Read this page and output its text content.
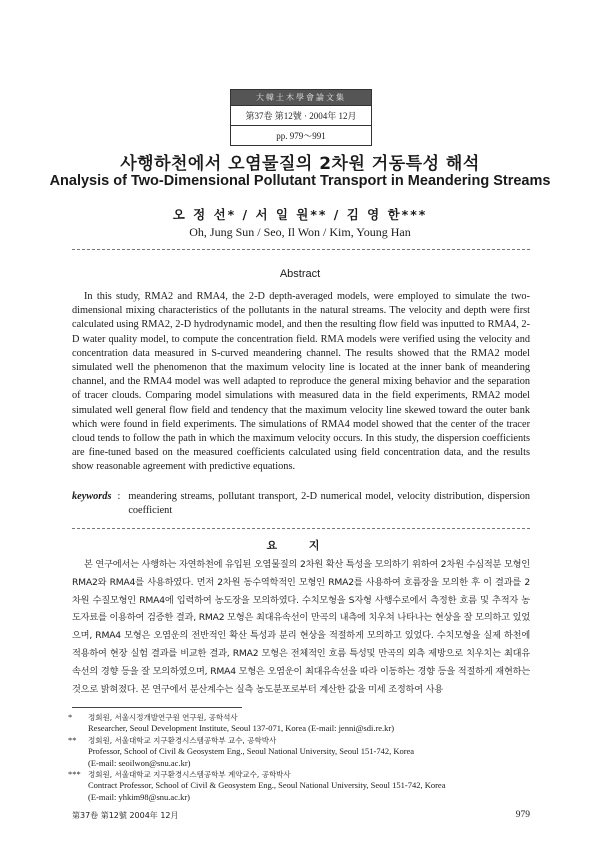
大韓土木學會論文集
第37卷 第12號 · 2004年 12月
pp. 979～991
사행하천에서 오염물질의 2차원 거동특성 해석
Analysis of Two-Dimensional Pollutant Transport in Meandering Streams
오 정 선* / 서 일 원** / 김 영 한***
Oh, Jung Sun / Seo, Il Won / Kim, Young Han
Abstract

In this study, RMA2 and RMA4, the 2-D depth-averaged models, were employed to simulate the two-dimensional mixing characteristics of the pollutants in the natural streams. The velocity and depth were first calculated using RMA2, 2-D hydrodynamic model, and then the resulting flow field was inputted to RMA4, 2-D water quality model, to compute the concentration field. RMA models were verified using the velocity and concentration data measured in S-curved meandering channel. The results showed that the RMA2 model simulated well the phenomenon that the maximum velocity line is located at the inner bank of meandering channel, and the RMA4 model was well adapted to reproduce the general mixing behavior and the separation of tracer clouds. Comparing model simulations with measured data in the field experiments, RMA2 model simulated well general flow field and tendency that the maximum velocity line skewed toward the outer bank which were found in field experiments. The simulations of RMA4 model showed that the center of the tracer cloud tends to follow the path in which the maximum velocity occurs. In this study, the dispersion coefficients are fine-tuned based on the measured coefficients calculated using field concentration data, and the results show reasonable agreement with predictive equations.

keywords : meandering streams, pollutant transport, 2-D numerical model, velocity distribution, dispersion coefficient
요 지

본 연구에서는 사행하는 자연하천에 유입된 오염물질의 2차원 확산 특성을 모의하기 위하여 2차원 수심적분 모형인 RMA2와 RMA4를 사용하였다. 먼저 2차원 동수역학적인 모형인 RMA2를 사용하여 흐름장을 모의한 후 이 결과를 2차원 수질모형인 RMA4에 입력하여 농도장을 모의하였다. 수치모형을 S자형 사행수로에서 측정한 흐름 및 추적자 농도자료를 이용하여 검증한 결과, RMA2 모형은 최대유속선이 만곡의 내측에 치우쳐 나타나는 현상을 잘 모의하고 있었으며, RMA4 모형은 오염운의 전반적인 확산 특성과 분리 현상을 적절하게 모의하고 있었다. 수치모형을 실제 하천에 적용하여 현장 실험 결과를 비교한 결과, RMA2 모형은 전체적인 흐름 특성및 만곡의 외측 제방으로 치우치는 최대유속선의 경향 등을 잘 모의하였으며, RMA4 모형은 오염운이 최대유속선을 따라 이동하는 경향 등을 적절하게 재현하는 것으로 밝혀졌다. 본 연구에서 분산계수는 실측 농도분포로부터 계산한 값을 미세 조정하여 사용

*	정회원, 서울시정개발연구원 연구원, 공학석사
Researcher, Seoul Development Institute, Seoul 137-071, Korea (E-mail: jenni@sdi.re.kr)
**	정회원, 서울대학교 지구환경시스템공학부 교수, 공학박사
Professor, School of Civil & Geosystem Eng., Seoul National University, Seoul 151-742, Korea
(E-mail: seoilwon@snu.ac.kr)
*** 정회원, 서울대학교 지구환경시스템공학부 계약교수, 공학박사
Contract Professor, School of Civil & Geosystem Eng., Seoul National University, Seoul 151-742, Korea
(E-mail: yhkim98@snu.ac.kr)
第37卷 第12號 2004年 12月	979
